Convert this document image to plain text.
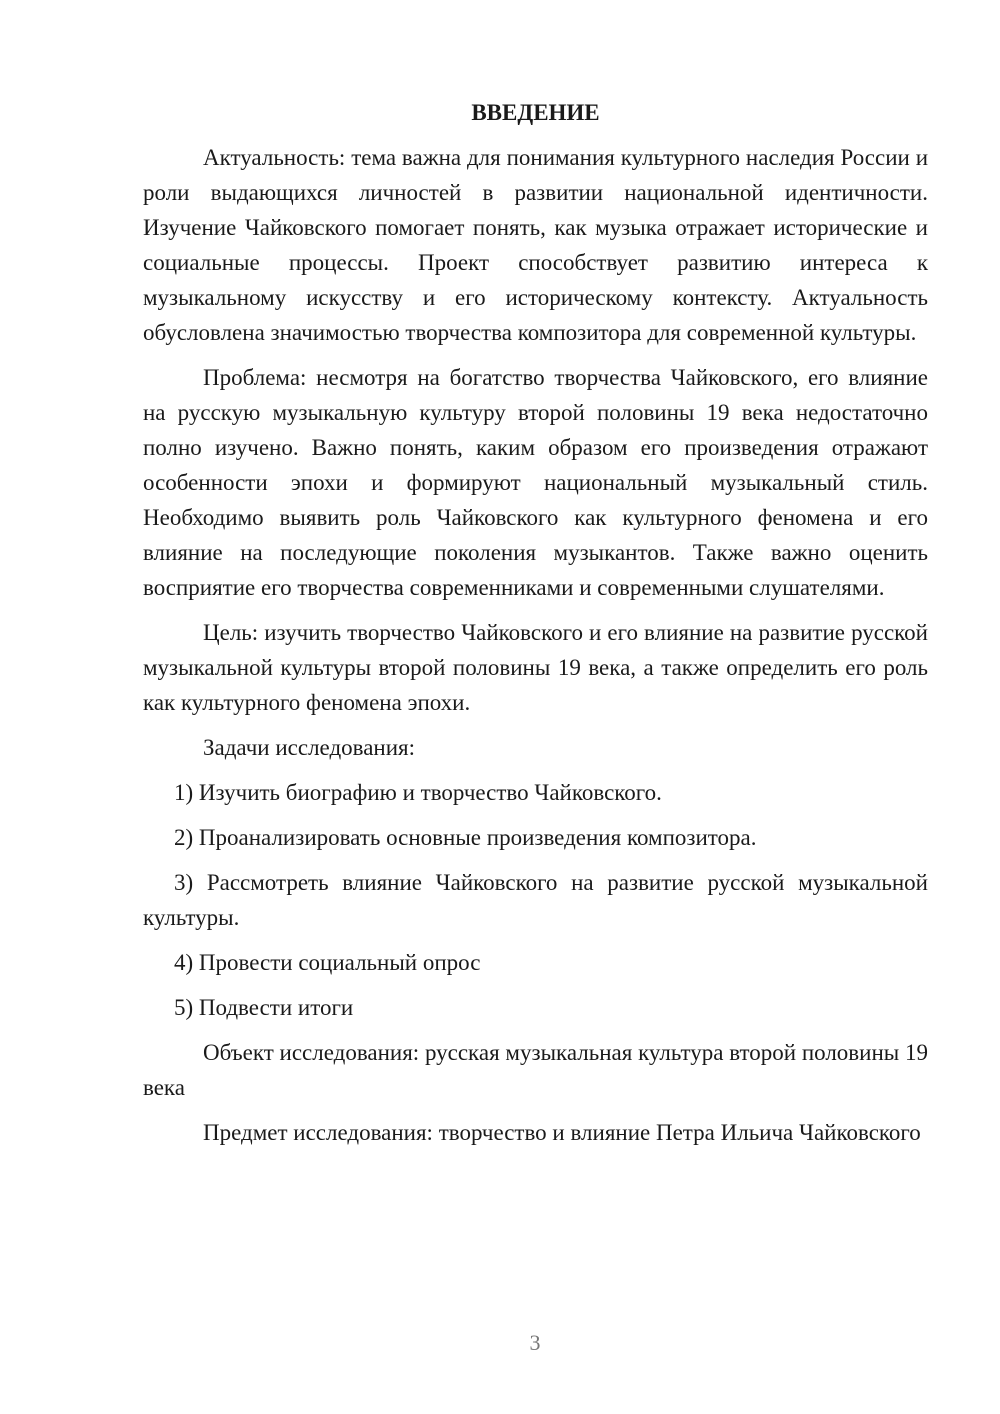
ВВЕДЕНИЕ

Актуальность: тема важна для понимания культурного наследия России и роли выдающихся личностей в развитии национальной идентичности. Изучение Чайковского помогает понять, как музыка отражает исторические и социальные процессы. Проект способствует развитию интереса к музыкальному искусству и его историческому контексту. Актуальность обусловлена значимостью творчества композитора для современной культуры.

Проблема: несмотря на богатство творчества Чайковского, его влияние на русскую музыкальную культуру второй половины 19 века недостаточно полно изучено. Важно понять, каким образом его произведения отражают особенности эпохи и формируют национальный музыкальный стиль. Необходимо выявить роль Чайковского как культурного феномена и его влияние на последующие поколения музыкантов. Также важно оценить восприятие его творчества современниками и современными слушателями.

Цель: изучить творчество Чайковского и его влияние на развитие русской музыкальной культуры второй половины 19 века, а также определить его роль как культурного феномена эпохи.

Задачи исследования:

1) Изучить биографию и творчество Чайковского.

2) Проанализировать основные произведения композитора.

3) Рассмотреть влияние Чайковского на развитие русской музыкальной культуры.

4) Провести социальный опрос

5) Подвести итоги

Объект исследования: русская музыкальная культура второй половины 19 века

Предмет исследования: творчество и влияние Петра Ильича Чайковского

3
